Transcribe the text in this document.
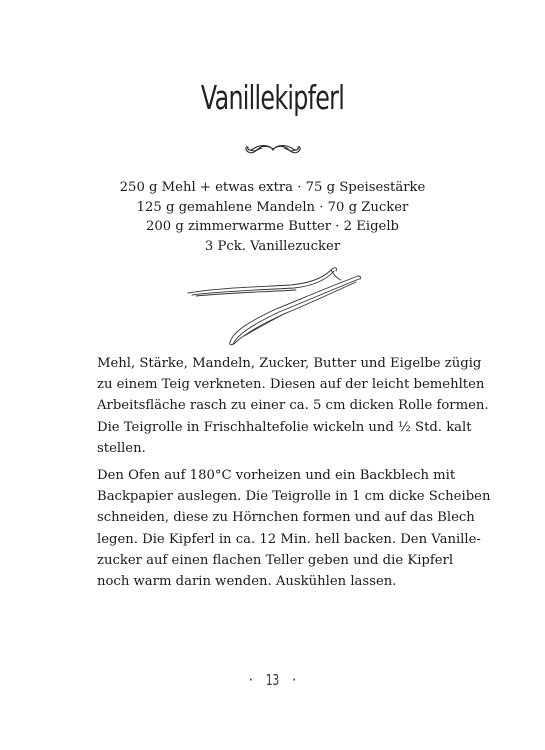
Vanillekipferl
250 g Mehl + etwas extra · 75 g Speisestärke
125 g gemahlene Mandeln · 70 g Zucker
200 g zimmerwarme Butter · 2 Eigelb
3 Pck. Vanillezucker
Mehl, Stärke, Mandeln, Zucker, Butter und Eigelbe zügig
zu einem Teig verkneten. Diesen auf der leicht bemehlten
Arbeitsfläche rasch zu einer ca. 5 cm dicken Rolle formen.
Die Teigrolle in Frischhaltefolie wickeln und ½ Std. kalt
stellen.
Den Ofen auf 180°C vorheizen und ein Backblech mit
Backpapier auslegen. Die Teigrolle in 1 cm dicke Scheiben
schneiden, diese zu Hörnchen formen und auf das Blech
legen. Die Kipferl in ca. 12 Min. hell backen. Den Vanille-
zucker auf einen flachen Teller geben und die Kipferl
noch warm darin wenden. Auskühlen lassen.
· 13 ·
